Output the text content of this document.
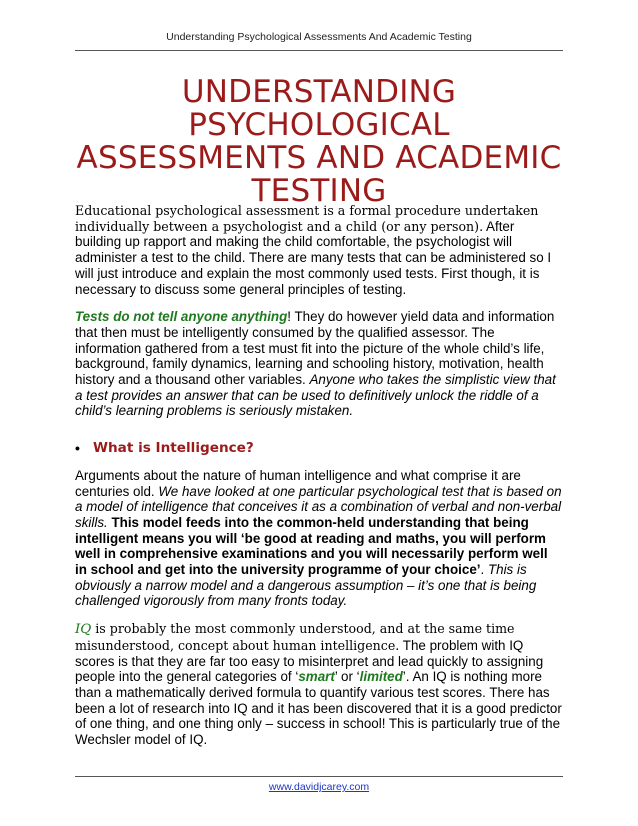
Understanding Psychological Assessments And Academic Testing
UNDERSTANDING PSYCHOLOGICAL ASSESSMENTS AND ACADEMIC TESTING

Educational psychological assessment is a formal procedure undertaken individually between a psychologist and a child (or any person). After building up rapport and making the child comfortable, the psychologist will administer a test to the child. There are many tests that can be administered so I will just introduce and explain the most commonly used tests. First though, it is necessary to discuss some general principles of testing.

Tests do not tell anyone anything! They do however yield data and information that then must be intelligently consumed by the qualified assessor. The information gathered from a test must fit into the picture of the whole child’s life, background, family dynamics, learning and schooling history, motivation, health history and a thousand other variables. Anyone who takes the simplistic view that a test provides an answer that can be used to definitively unlock the riddle of a child’s learning problems is seriously mistaken.

• What is Intelligence?

Arguments about the nature of human intelligence and what comprise it are centuries old. We have looked at one particular psychological test that is based on a model of intelligence that conceives it as a combination of verbal and non-verbal skills. This model feeds into the common-held understanding that being intelligent means you will ‘be good at reading and maths, you will perform well in comprehensive examinations and you will necessarily perform well in school and get into the university programme of your choice’. This is obviously a narrow model and a dangerous assumption – it’s one that is being challenged vigorously from many fronts today.

IQ is probably the most commonly understood, and at the same time misunderstood, concept about human intelligence. The problem with IQ scores is that they are far too easy to misinterpret and lead quickly to assigning people into the general categories of ‘smart’ or ‘limited’. An IQ is nothing more than a mathematically derived formula to quantify various test scores. There has been a lot of research into IQ and it has been discovered that it is a good predictor of one thing, and one thing only – success in school! This is particularly true of the Wechsler model of IQ.

www.davidjcarey.com
